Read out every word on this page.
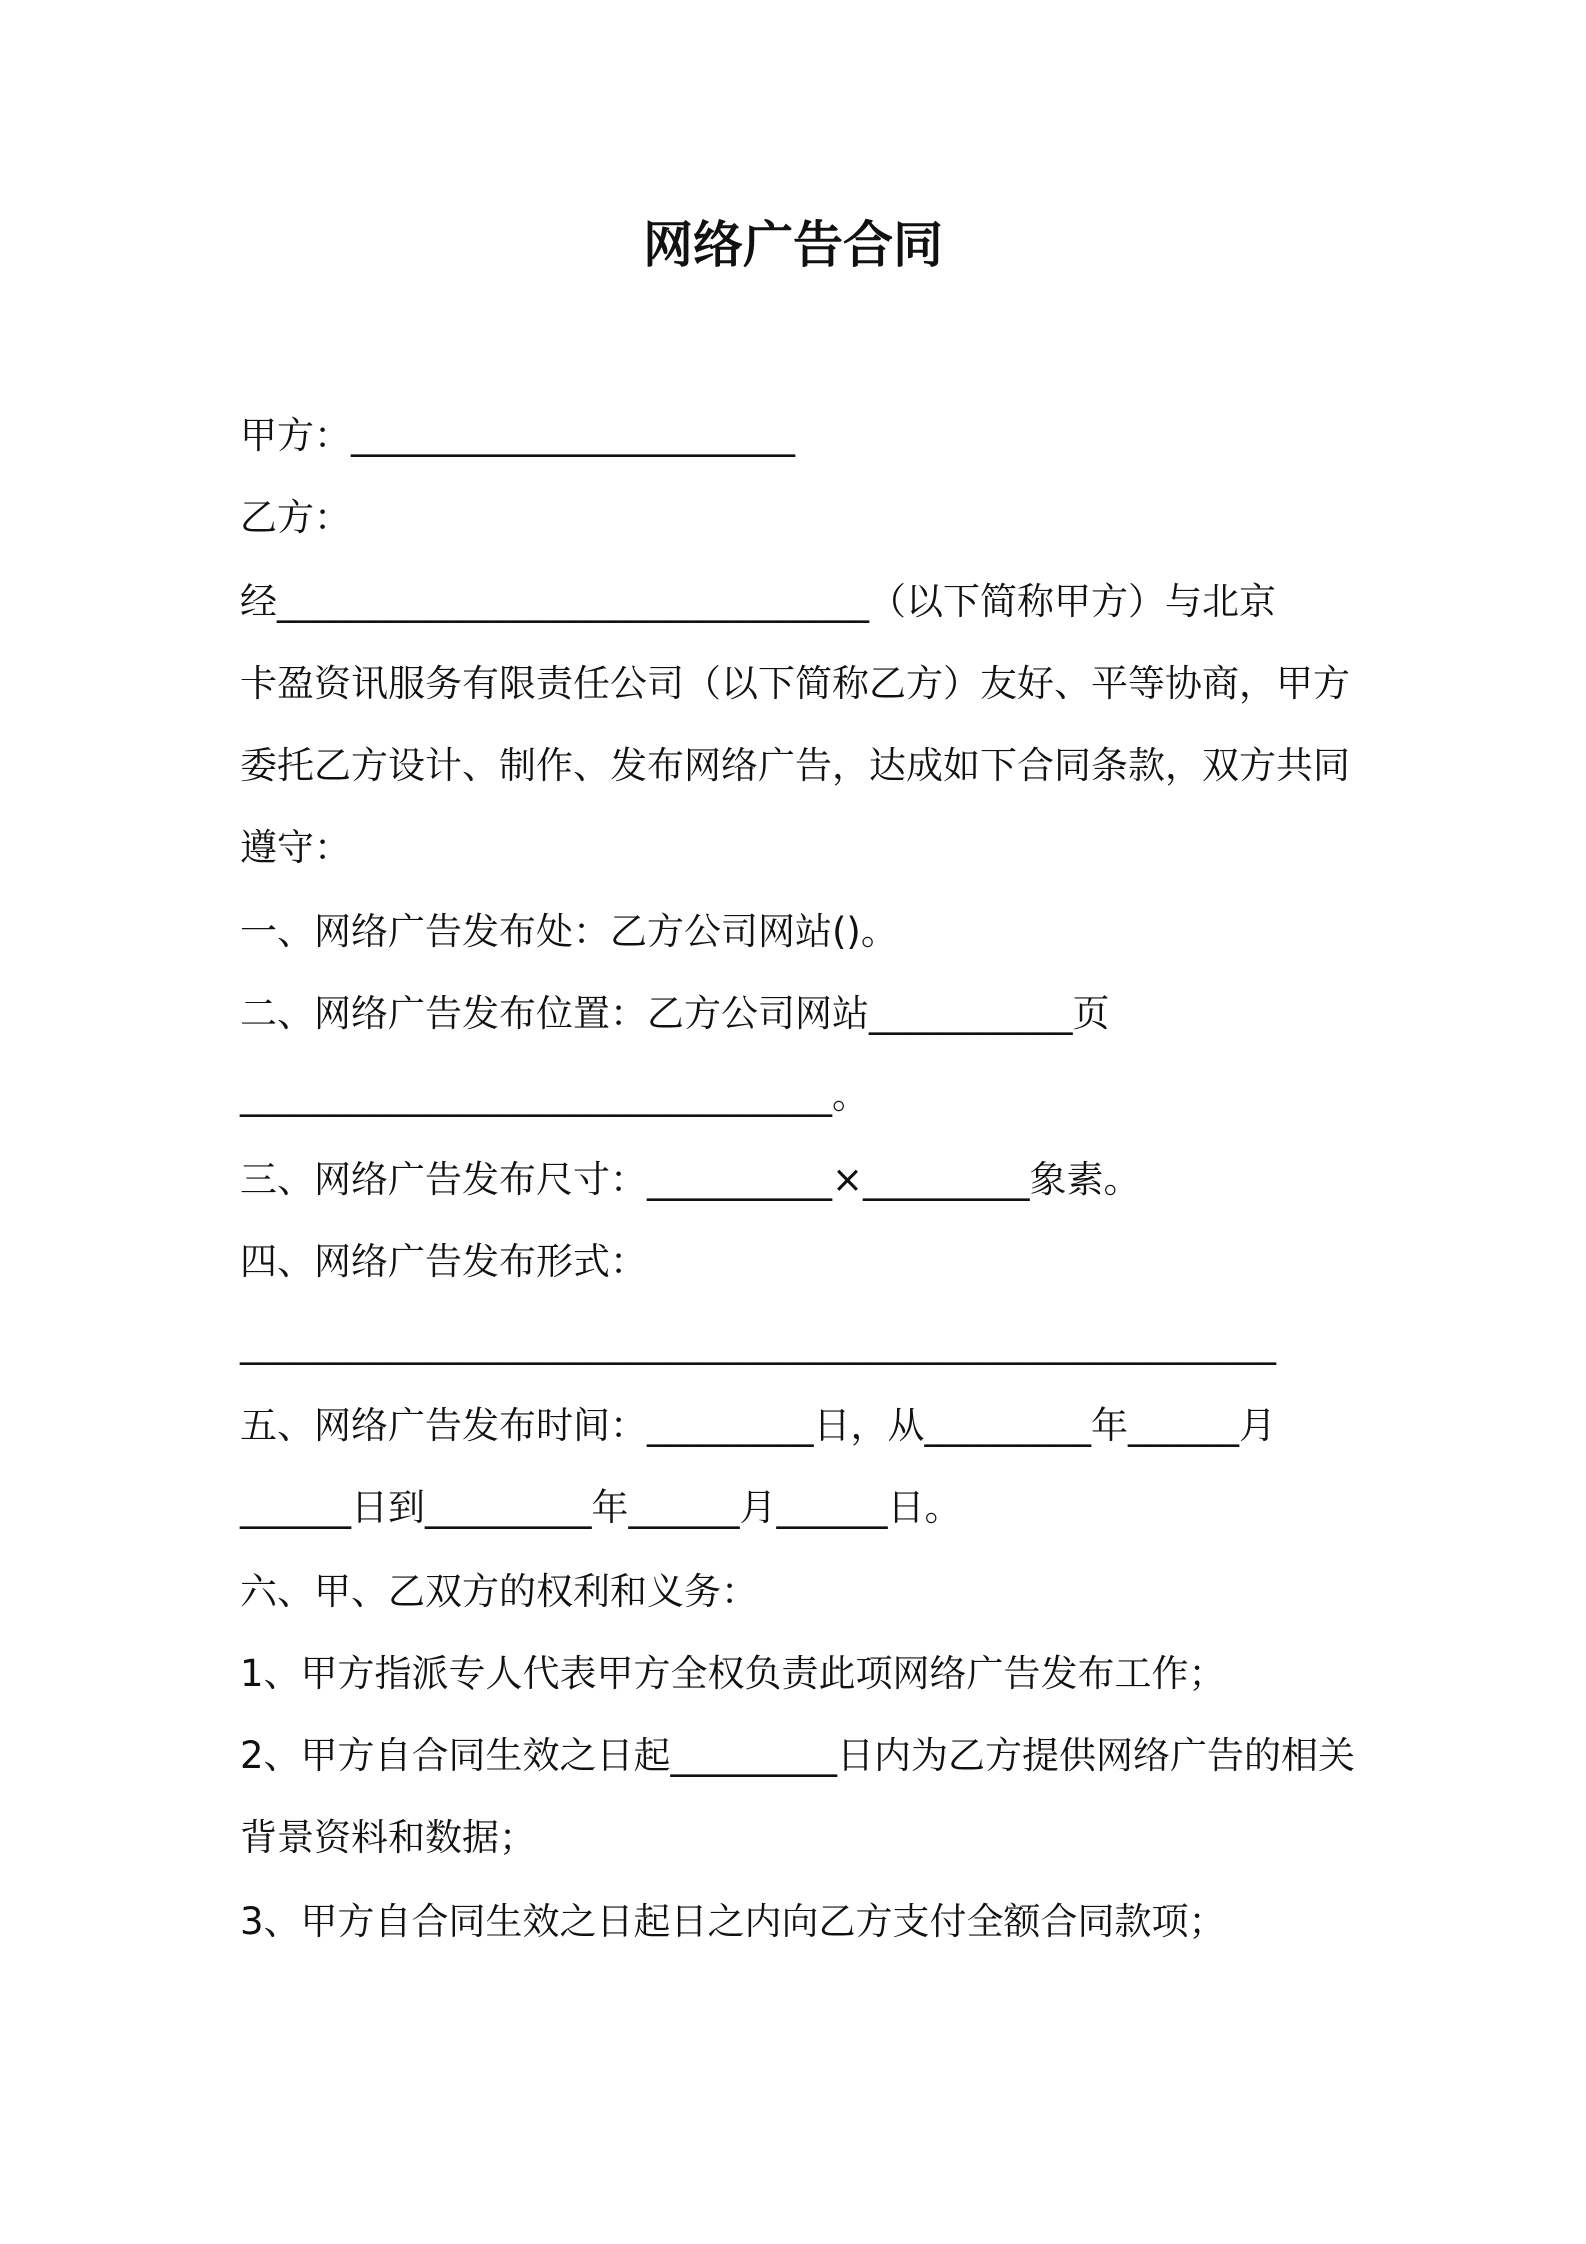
网络广告合同
甲方：________________________
乙方：
经________________________________（以下简称甲方）与北京
卡盈资讯服务有限责任公司（以下简称乙方）友好、平等协商，甲方
委托乙方设计、制作、发布网络广告，达成如下合同条款，双方共同
遵守：
一、网络广告发布处：乙方公司网站()。
二、网络广告发布位置：乙方公司网站___________页
________________________________。
三、网络广告发布尺寸：__________×_________象素。
四、网络广告发布形式：
________________________________________________________
五、网络广告发布时间：_________日，从_________年______月
______日到_________年______月______日。
六、甲、乙双方的权利和义务：
1、甲方指派专人代表甲方全权负责此项网络广告发布工作；
2、甲方自合同生效之日起_________日内为乙方提供网络广告的相关
背景资料和数据；
3、甲方自合同生效之日起日之内向乙方支付全额合同款项；
